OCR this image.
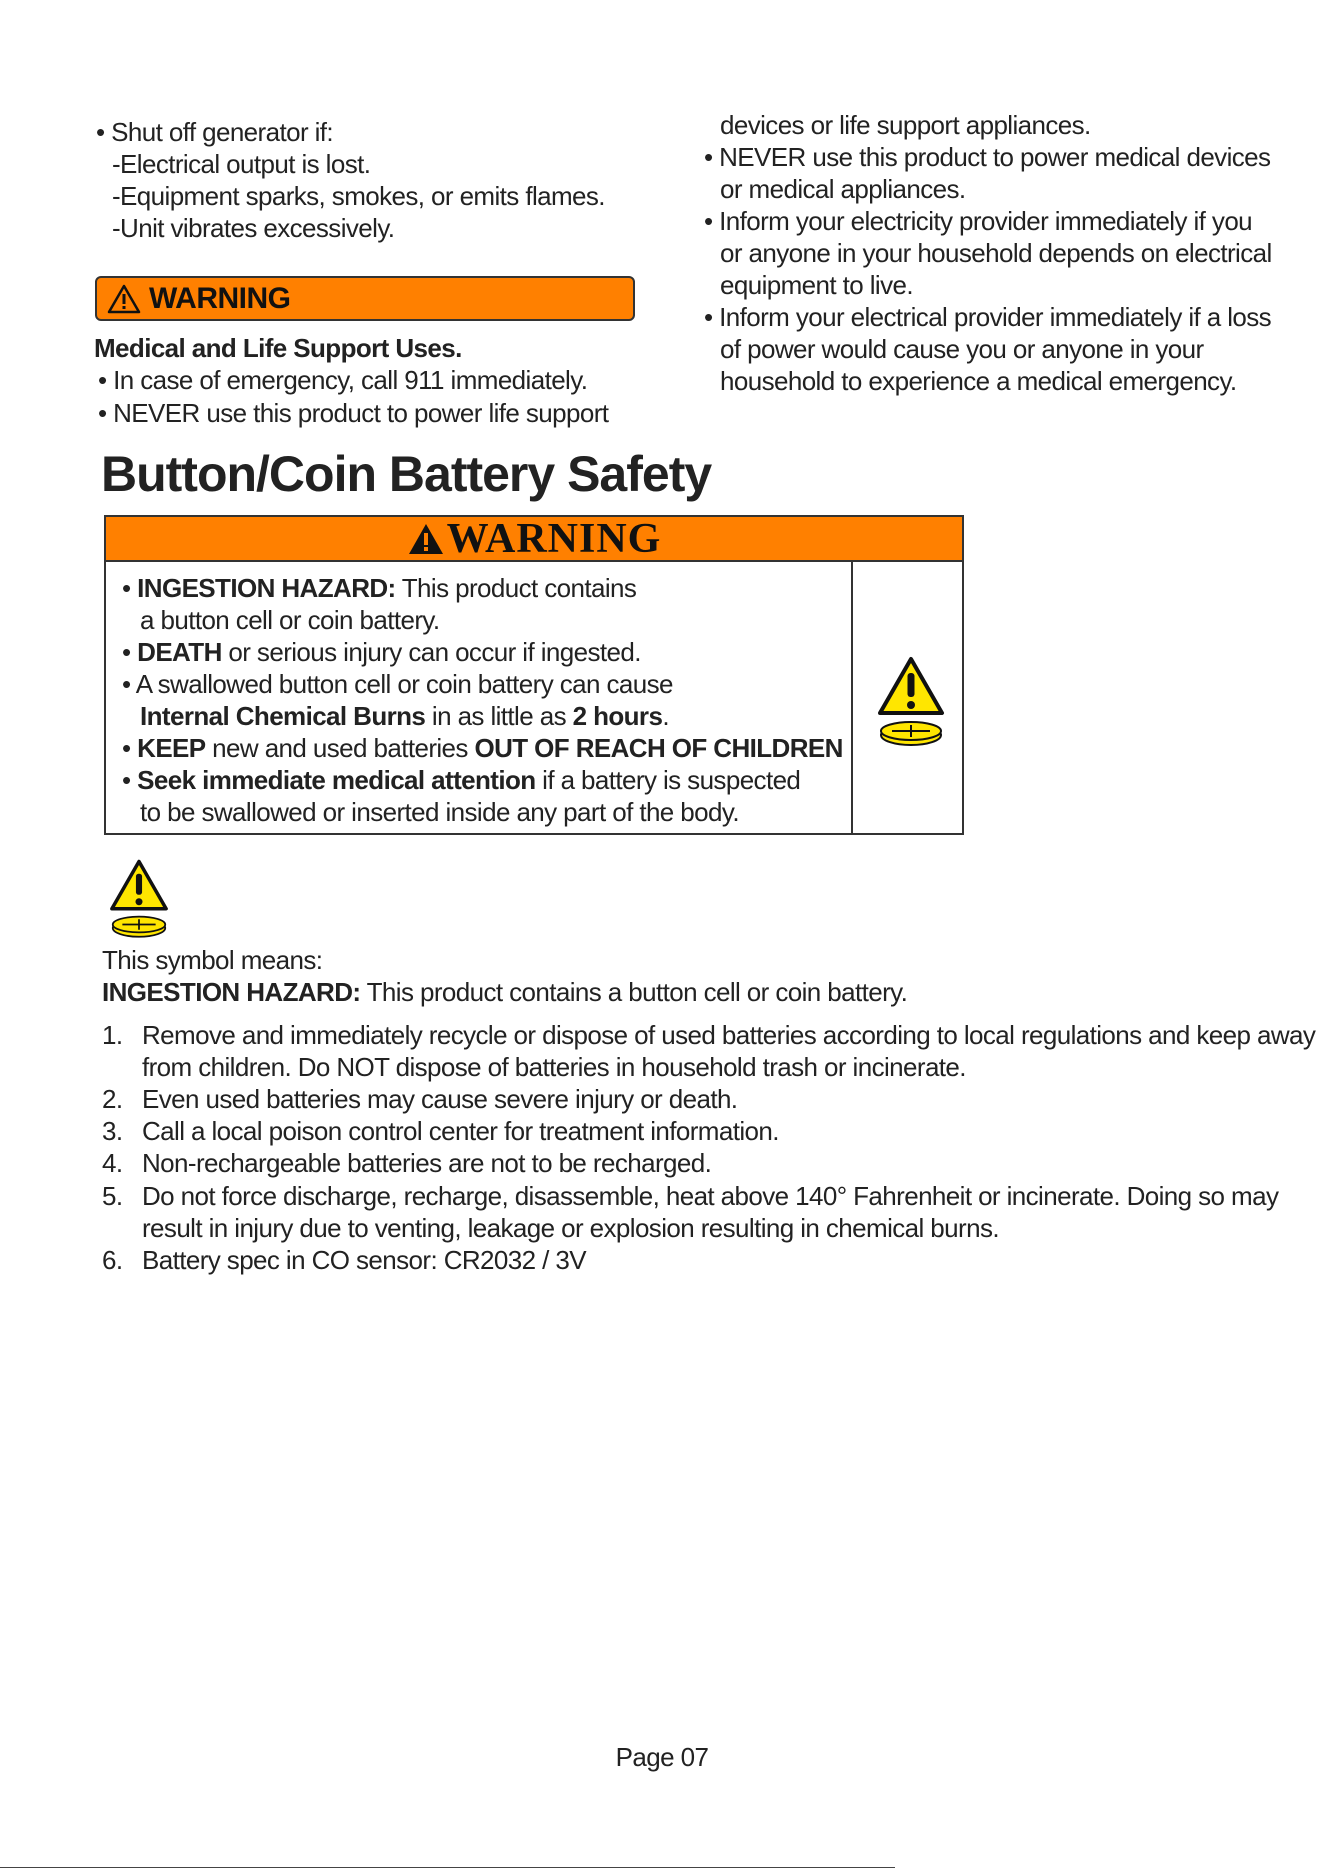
• Shut off generator if:
-Electrical output is lost.
-Equipment sparks, smokes, or emits flames.
-Unit vibrates excessively.
WARNING
Medical and Life Support Uses.
• In case of emergency, call 911 immediately.
• NEVER use this product to power life support
devices or life support appliances.
• NEVER use this product to power medical devices
or medical appliances.
• Inform your electricity provider immediately if you
or anyone in your household depends on electrical
equipment to live.
• Inform your electrical provider immediately if a loss
of power would cause you or anyone in your
household to experience a medical emergency.
Button/Coin Battery Safety
WARNING
• INGESTION HAZARD: This product contains
a button cell or coin battery.
• DEATH or serious injury can occur if ingested.
• A swallowed button cell or coin battery can cause
Internal Chemical Burns in as little as 2 hours.
• KEEP new and used batteries OUT OF REACH OF CHILDREN
• Seek immediate medical attention if a battery is suspected
to be swallowed or inserted inside any part of the body.
This symbol means:
INGESTION HAZARD: This product contains a button cell or coin battery.
1. Remove and immediately recycle or dispose of used batteries according to local regulations and keep away
from children. Do NOT dispose of batteries in household trash or incinerate.
2. Even used batteries may cause severe injury or death.
3. Call a local poison control center for treatment information.
4. Non-rechargeable batteries are not to be recharged.
5. Do not force discharge, recharge, disassemble, heat above 140° Fahrenheit or incinerate. Doing so may
result in injury due to venting, leakage or explosion resulting in chemical burns.
6. Battery spec in CO sensor: CR2032 / 3V
Page 07
